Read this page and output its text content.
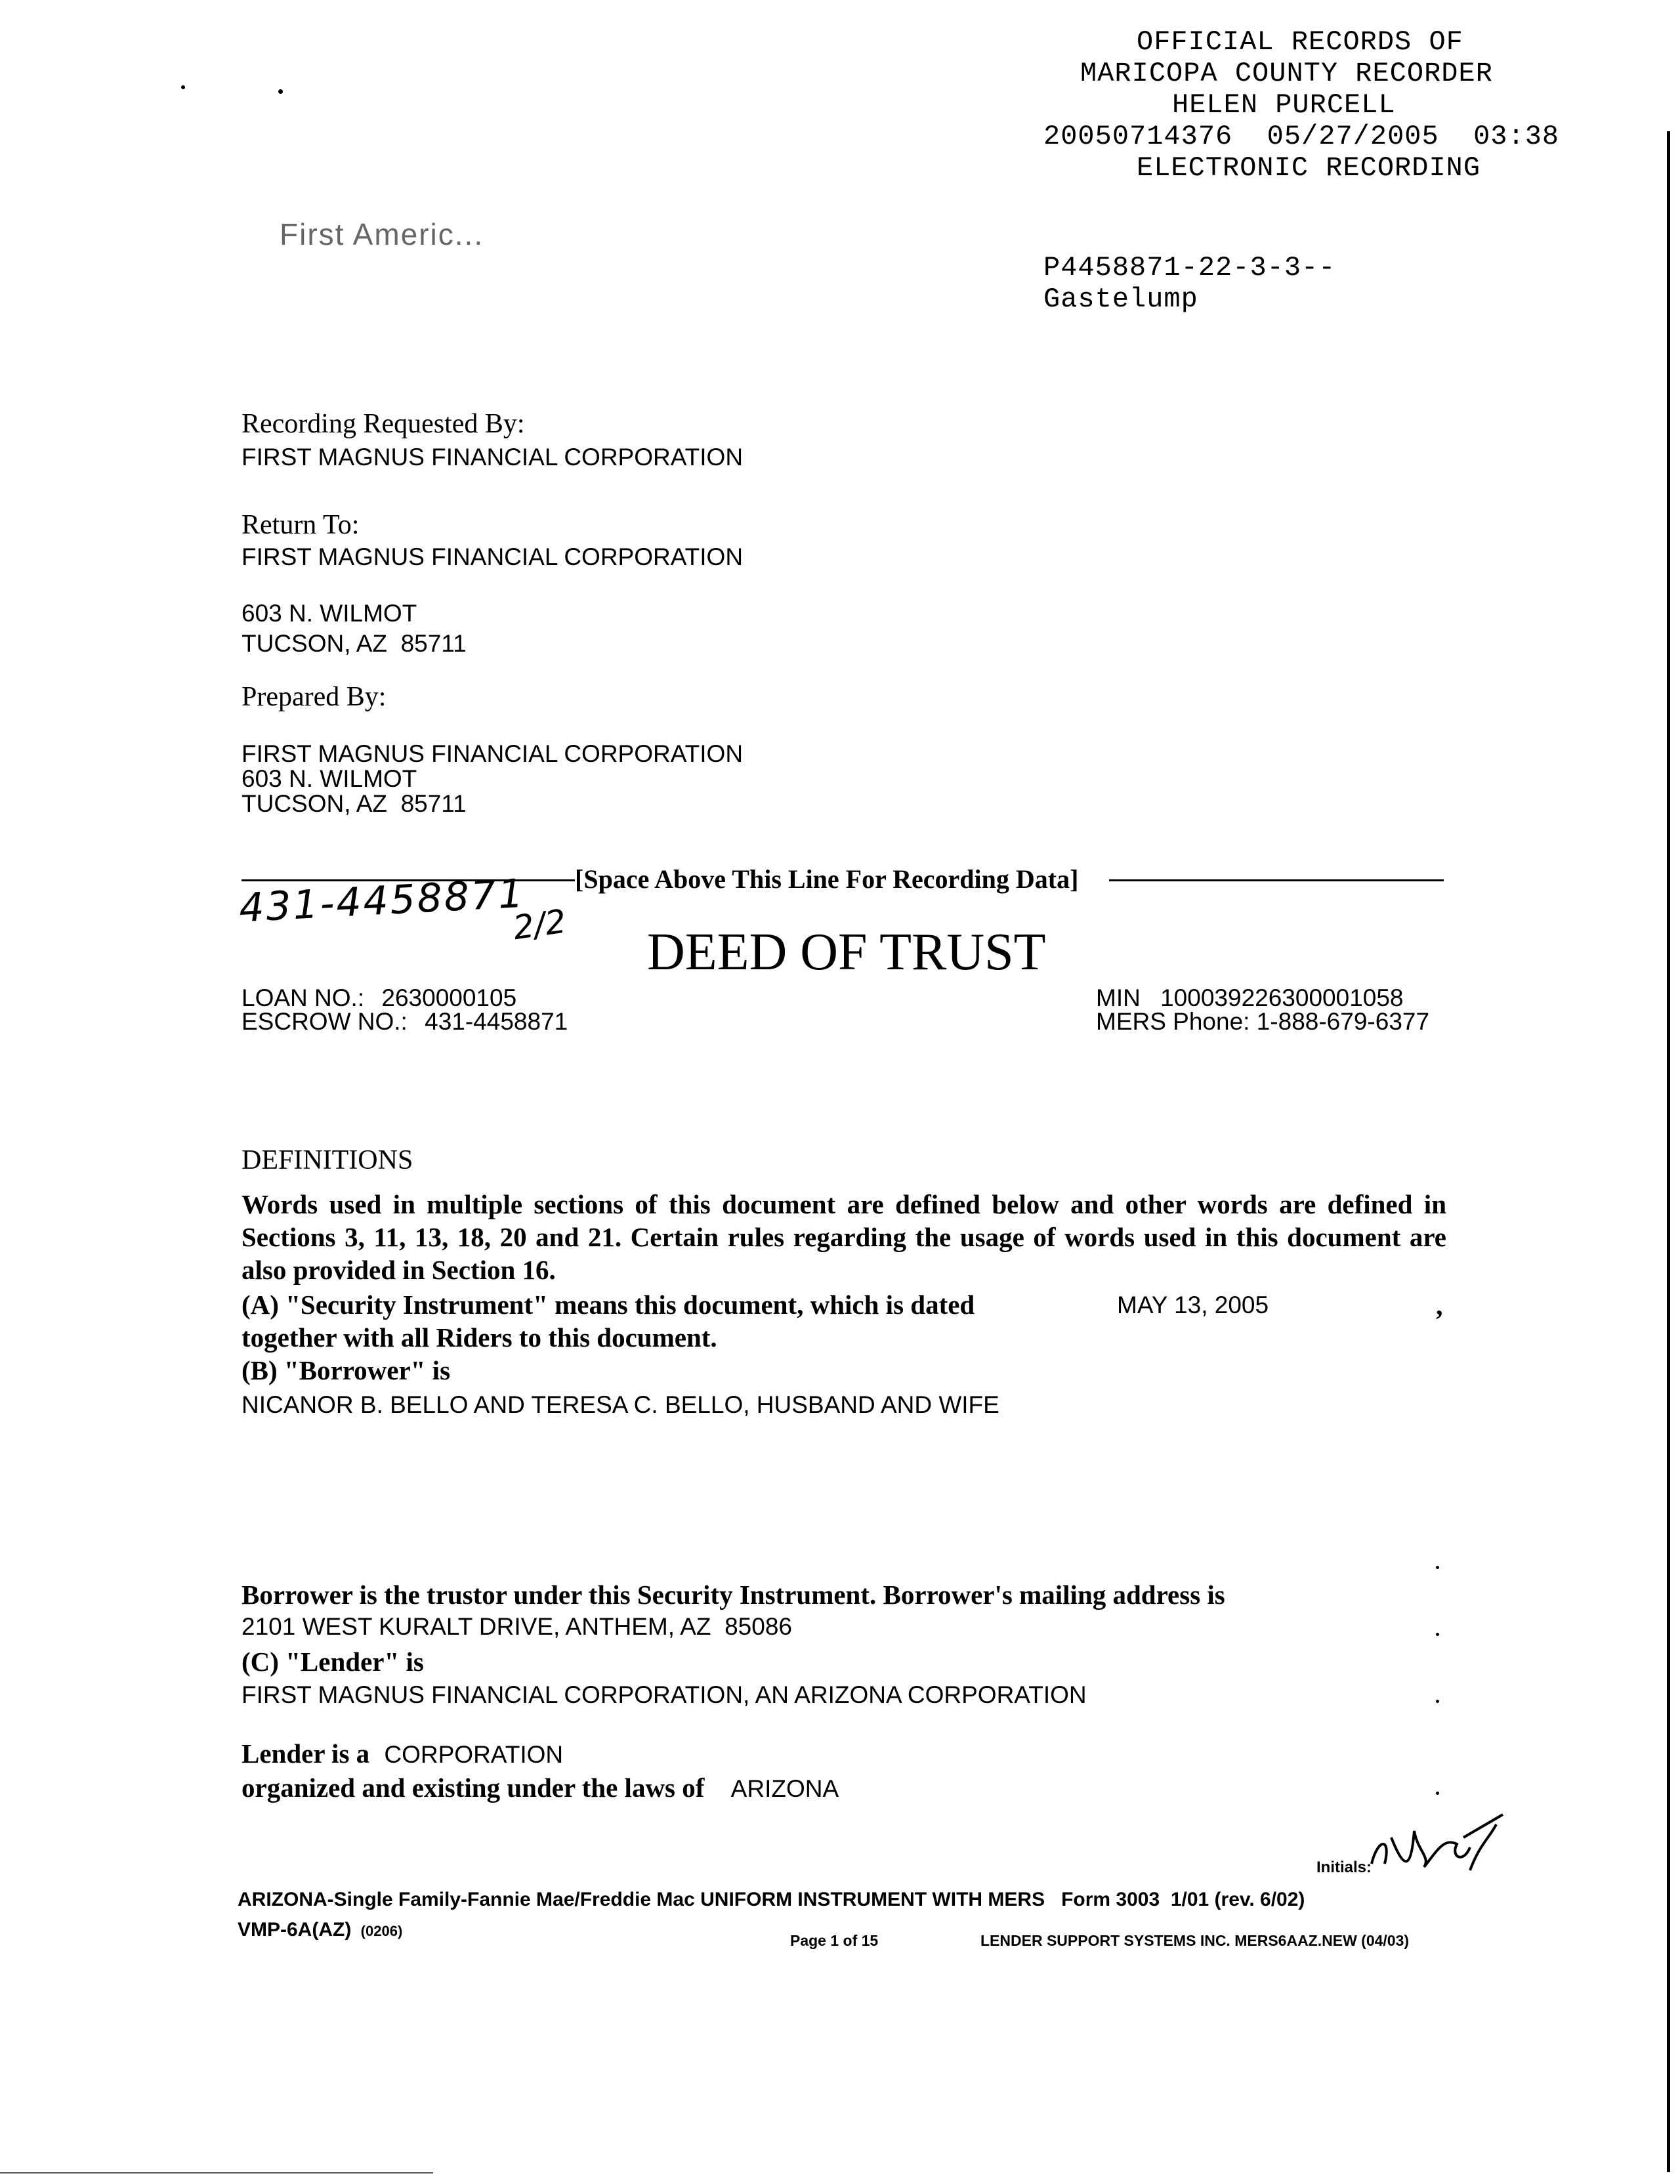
OFFICIAL RECORDS OF
MARICOPA COUNTY RECORDER
HELEN PURCELL
20050714376  05/27/2005  03:38
ELECTRONIC RECORDING
P4458871-22-3-3--
Gastelump
First Americ...
Recording Requested By:
FIRST MAGNUS FINANCIAL CORPORATION
Return To:
FIRST MAGNUS FINANCIAL CORPORATION
603 N. WILMOT
TUCSON, AZ  85711
Prepared By:
FIRST MAGNUS FINANCIAL CORPORATION
603 N. WILMOT
TUCSON, AZ  85711
[Space Above This Line For Recording Data]
431-4458871
2/2 DEED OF TRUST
LOAN NO.: 2630000105
ESCROW NO.: 431-4458871
MIN 100039226300001058
MERS Phone: 1-888-679-6377
DEFINITIONS
Words used in multiple sections of this document are defined below and other words are defined in
Sections 3, 11, 13, 18, 20 and 21. Certain rules regarding the usage of words used in this document are
also provided in Section 16.
(A) "Security Instrument" means this document, which is dated	MAY 13, 2005	,
together with all Riders to this document.
(B) "Borrower" is
NICANOR B. BELLO AND TERESA C. BELLO, HUSBAND AND WIFE
Borrower is the trustor under this Security Instrument. Borrower's mailing address is
2101 WEST KURALT DRIVE, ANTHEM, AZ  85086
(C) "Lender" is
FIRST MAGNUS FINANCIAL CORPORATION, AN ARIZONA CORPORATION
Lender is a CORPORATION
organized and existing under the laws of ARIZONA
Initials:
ARIZONA-Single Family-Fannie Mae/Freddie Mac UNIFORM INSTRUMENT WITH MERS   Form 3003  1/01 (rev. 6/02)
VMP-6A(AZ) (0206)
Page 1 of 15	LENDER SUPPORT SYSTEMS INC. MERS6AAZ.NEW (04/03)
